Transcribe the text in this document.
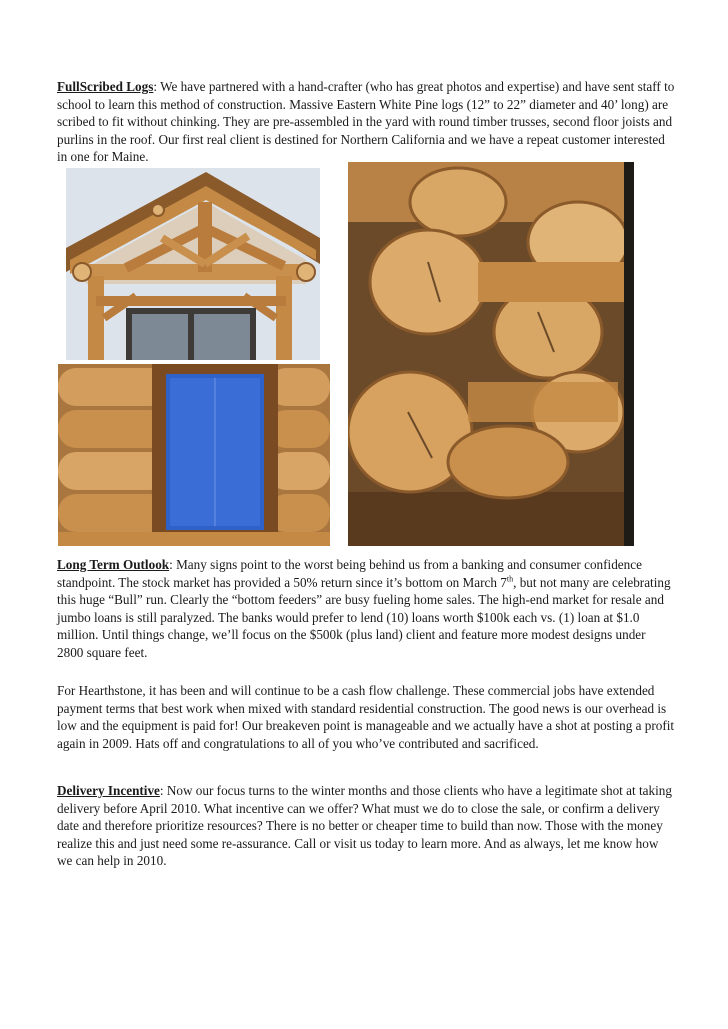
FullScribed Logs: We have partnered with a hand-crafter (who has great photos and expertise) and have sent staff to school to learn this method of construction. Massive Eastern White Pine logs (12” to 22” diameter and 40’ long) are scribed to fit without chinking. They are pre-assembled in the yard with round timber trusses, second floor joists and purlins in the roof. Our first real client is destined for Northern California and we have a repeat customer interested in one for Maine.

Long Term Outlook: Many signs point to the worst being behind us from a banking and consumer confidence standpoint. The stock market has provided a 50% return since it’s bottom on March 7th, but not many are celebrating this huge “Bull” run. Clearly the “bottom feeders” are busy fueling home sales. The high-end market for resale and jumbo loans is still paralyzed. The banks would prefer to lend (10) loans worth $100k each vs. (1) loan at $1.0 million. Until things change, we’ll focus on the $500k (plus land) client and feature more modest designs under 2800 square feet.

For Hearthstone, it has been and will continue to be a cash flow challenge. These commercial jobs have extended payment terms that best work when mixed with standard residential construction. The good news is our overhead is low and the equipment is paid for! Our breakeven point is manageable and we actually have a shot at posting a profit again in 2009. Hats off and congratulations to all of you who’ve contributed and sacrificed.

Delivery Incentive: Now our focus turns to the winter months and those clients who have a legitimate shot at taking delivery before April 2010. What incentive can we offer? What must we do to close the sale, or confirm a delivery date and therefore prioritize resources? There is no better or cheaper time to build than now. Those with the money realize this and just need some re-assurance. Call or visit us today to learn more. And as always, let me know how we can help in 2010.
